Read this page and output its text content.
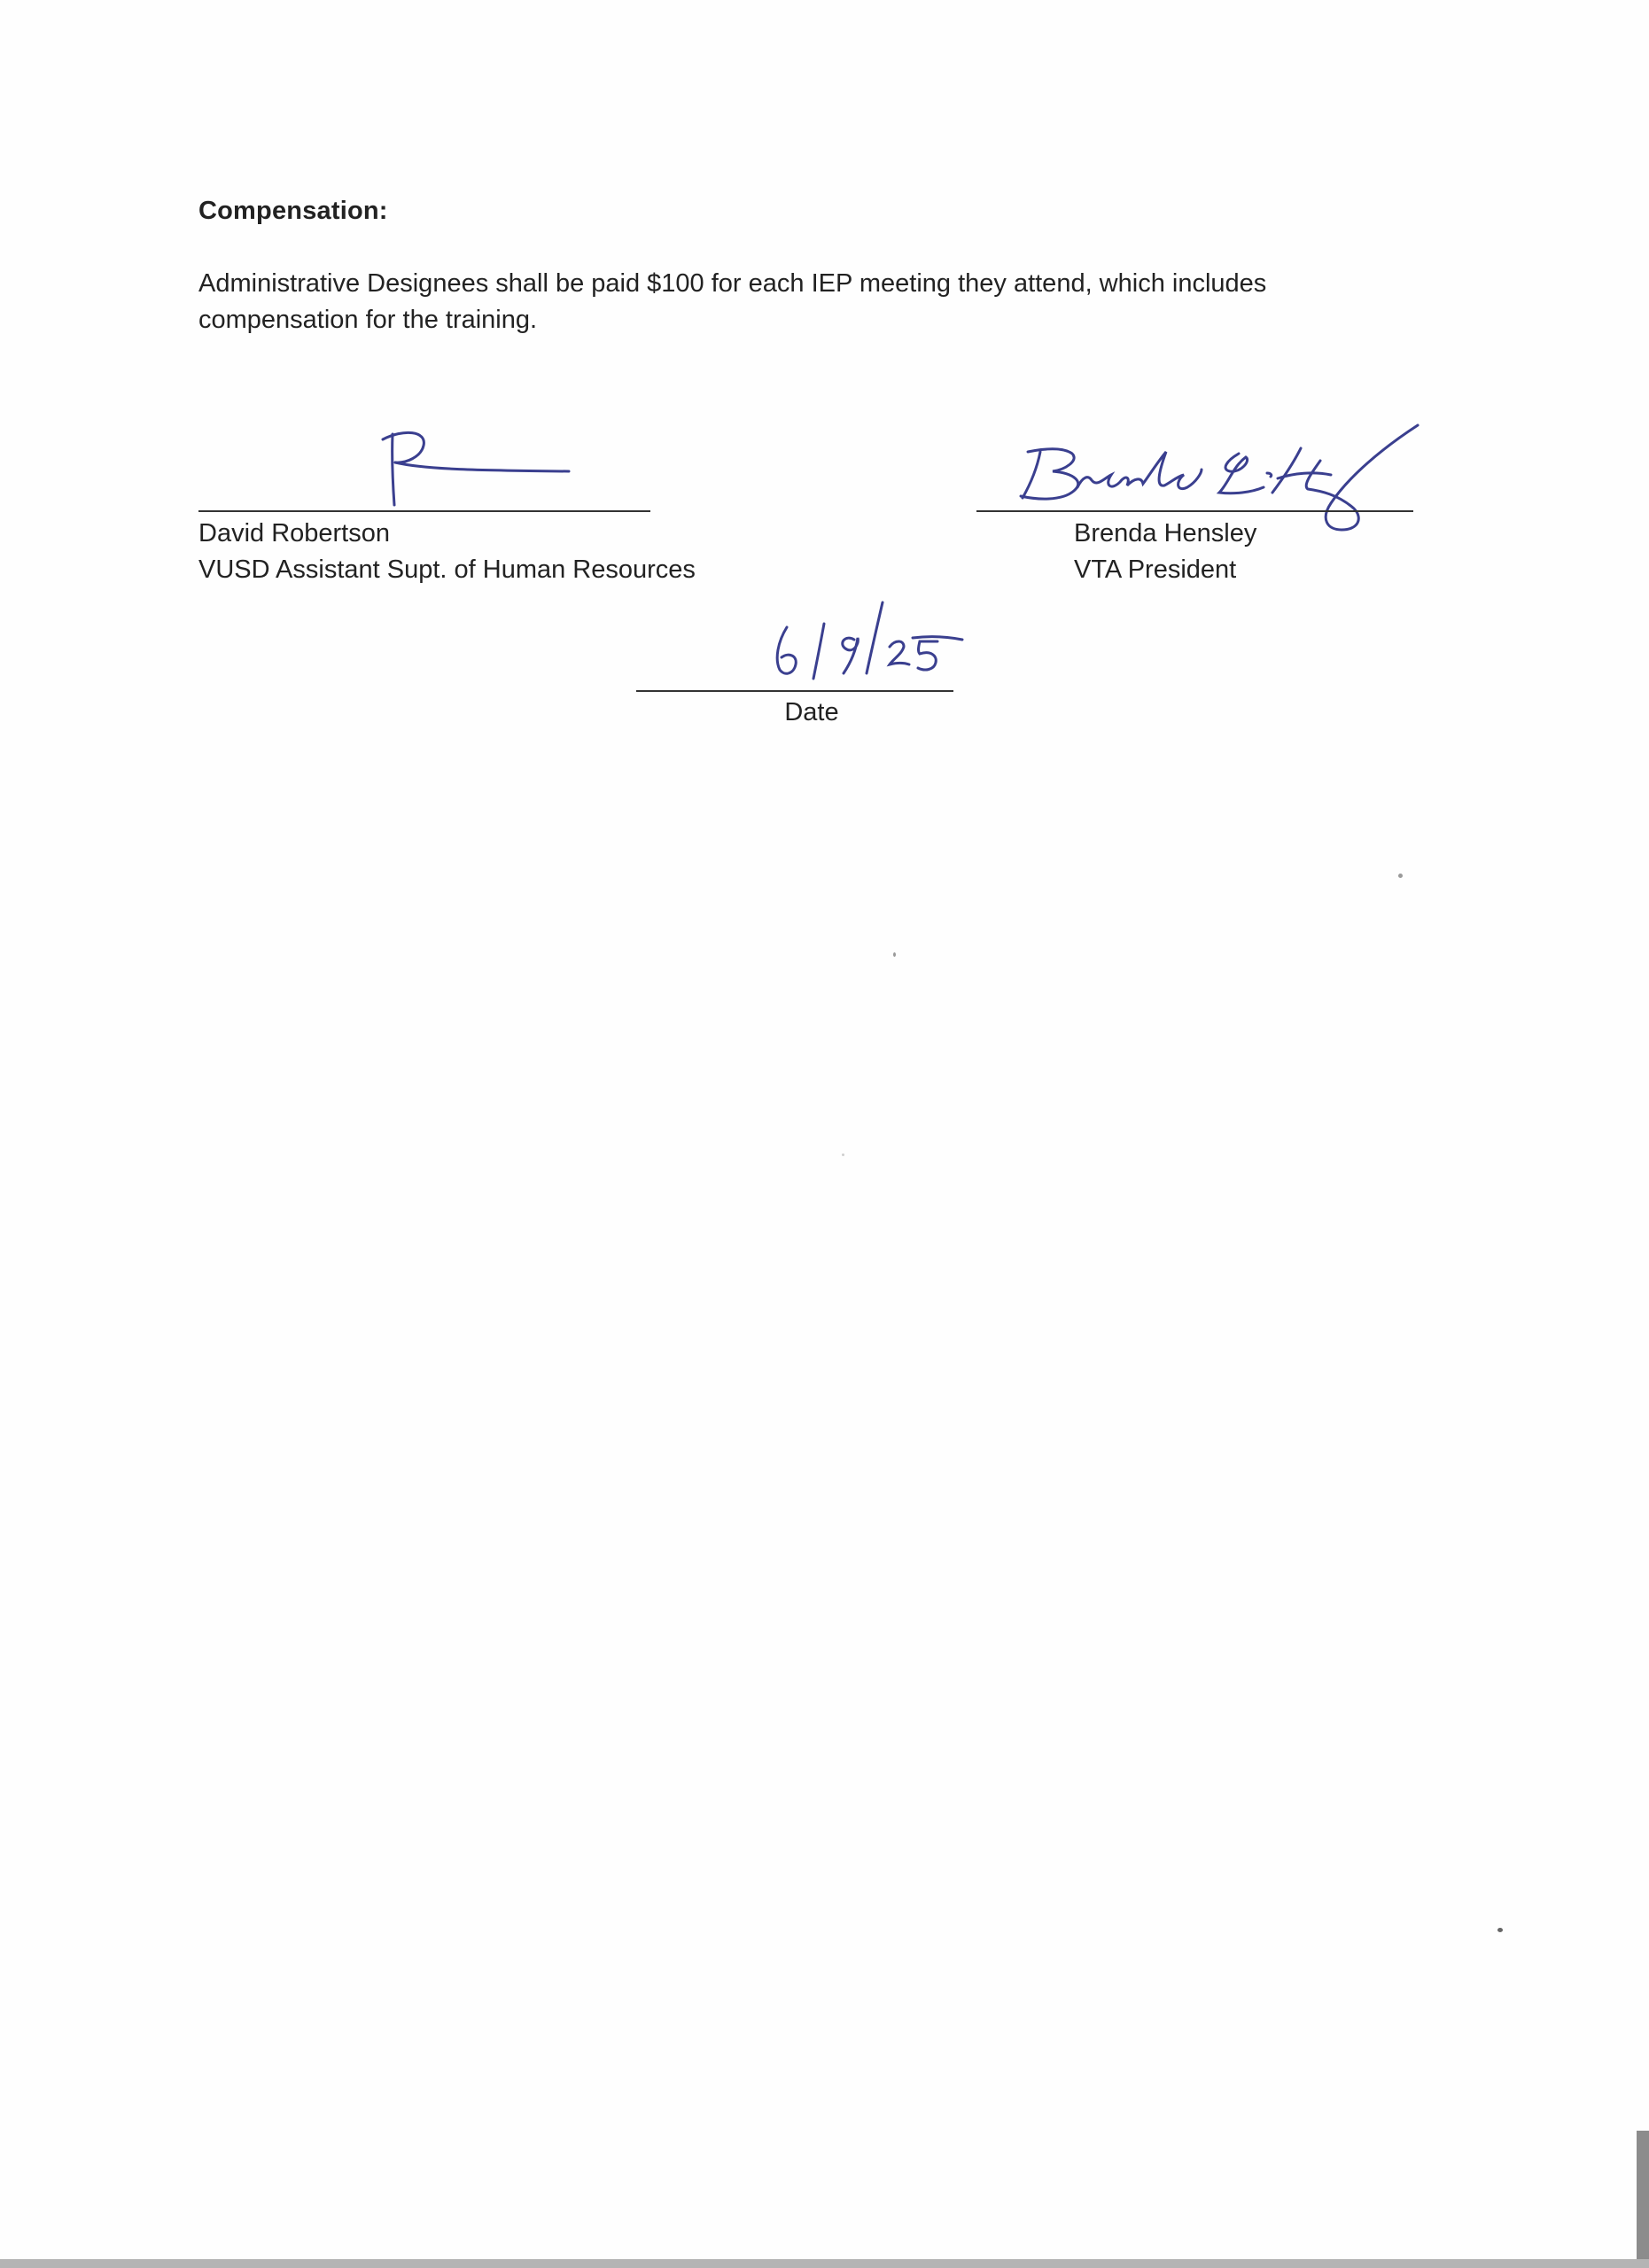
Compensation:
Administrative Designees shall be paid $100 for each IEP meeting they attend, which includes compensation for the training.
David Robertson
VUSD Assistant Supt. of Human Resources
Brenda Hensley
VTA President
Date
